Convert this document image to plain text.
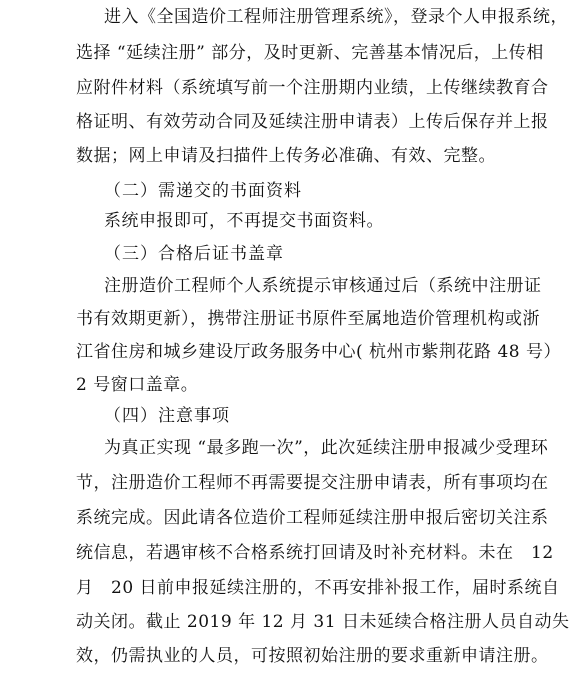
进入《全国造价工程师注册管理系统》，登录个人申报系统，
选择 “延续注册” 部分，及时更新、完善基本情况后，上传相
应附件材料（系统填写前一个注册期内业绩，上传继续教育合
格证明、有效劳动合同及延续注册申请表）上传后保存并上报
数据；网上申请及扫描件上传务必准确、有效、完整。
（二）需递交的书面资料
系统申报即可，不再提交书面资料。
（三）合格后证书盖章
注册造价工程师个人系统提示审核通过后（系统中注册证
书有效期更新），携带注册证书原件至属地造价管理机构或浙
江省住房和城乡建设厅政务服务中心( 杭州市紫荆花路 48 号）
2 号窗口盖章。
（四）注意事项
为真正实现 “最多跑一次”，此次延续注册申报减少受理环
节，注册造价工程师不再需要提交注册申请表，所有事项均在
系统完成。因此请各位造价工程师延续注册申报后密切关注系
统信息，若遇审核不合格系统打回请及时补充材料。未在　12
月　20 日前申报延续注册的，不再安排补报工作，届时系统自
动关闭。截止 2019 年 12 月 31 日未延续合格注册人员自动失
效，仍需执业的人员，可按照初始注册的要求重新申请注册。
